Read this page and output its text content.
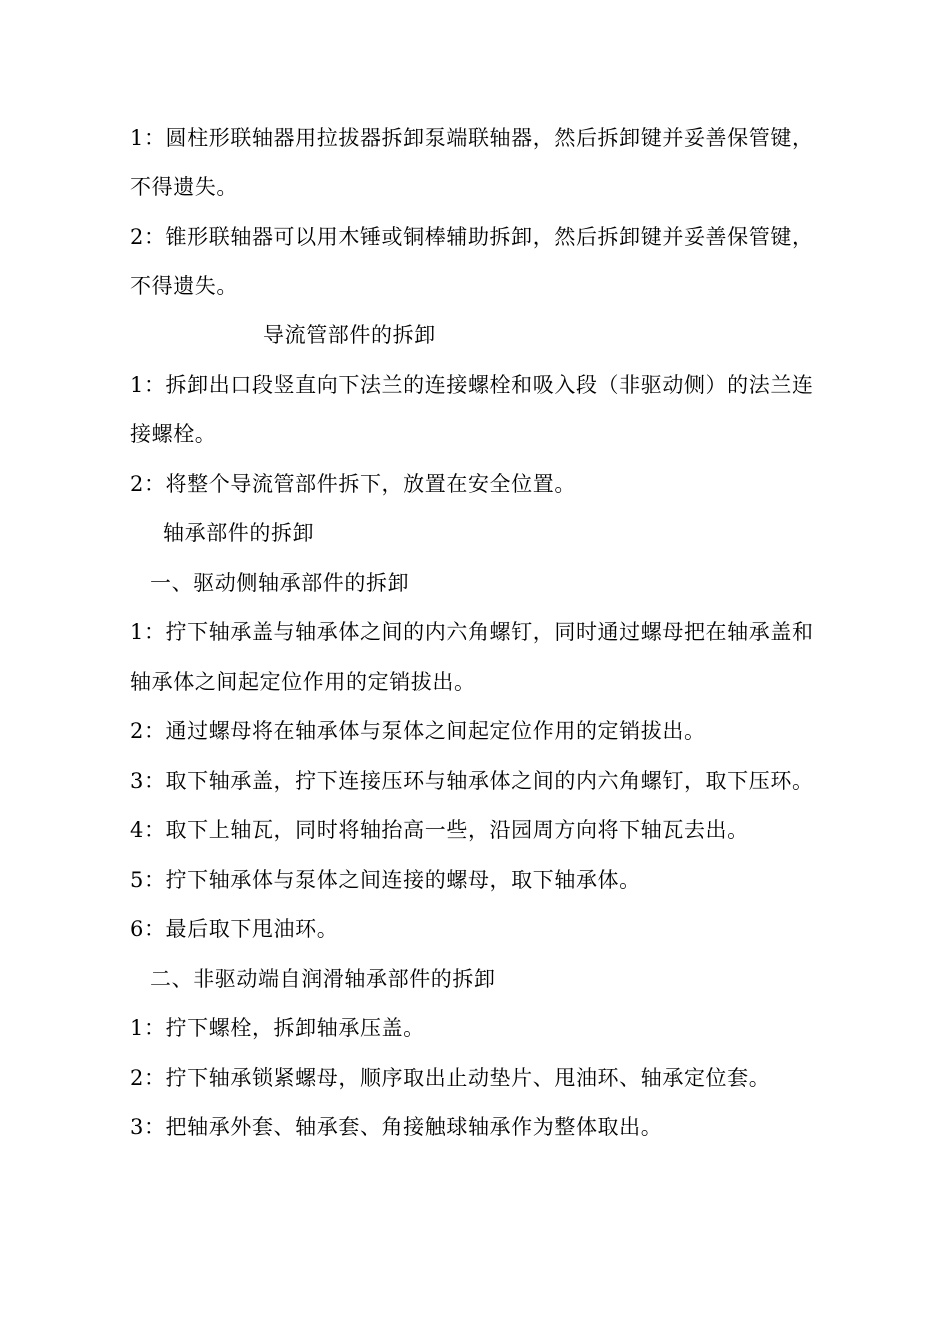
1：圆柱形联轴器用拉拔器拆卸泵端联轴器，然后拆卸键并妥善保管键，
不得遗失。
2：锥形联轴器可以用木锤或铜棒辅助拆卸，然后拆卸键并妥善保管键，
不得遗失。
导流管部件的拆卸
1：拆卸出口段竖直向下法兰的连接螺栓和吸入段（非驱动侧）的法兰连
接螺栓。
2：将整个导流管部件拆下，放置在安全位置。
轴承部件的拆卸
一、驱动侧轴承部件的拆卸
1：拧下轴承盖与轴承体之间的内六角螺钉，同时通过螺母把在轴承盖和
轴承体之间起定位作用的定销拔出。
2：通过螺母将在轴承体与泵体之间起定位作用的定销拔出。
3：取下轴承盖，拧下连接压环与轴承体之间的内六角螺钉，取下压环。
4：取下上轴瓦，同时将轴抬高一些，沿园周方向将下轴瓦去出。
5：拧下轴承体与泵体之间连接的螺母，取下轴承体。
6：最后取下甩油环。
二、非驱动端自润滑轴承部件的拆卸
1：拧下螺栓，拆卸轴承压盖。
2：拧下轴承锁紧螺母，顺序取出止动垫片、甩油环、轴承定位套。
3：把轴承外套、轴承套、角接触球轴承作为整体取出。
